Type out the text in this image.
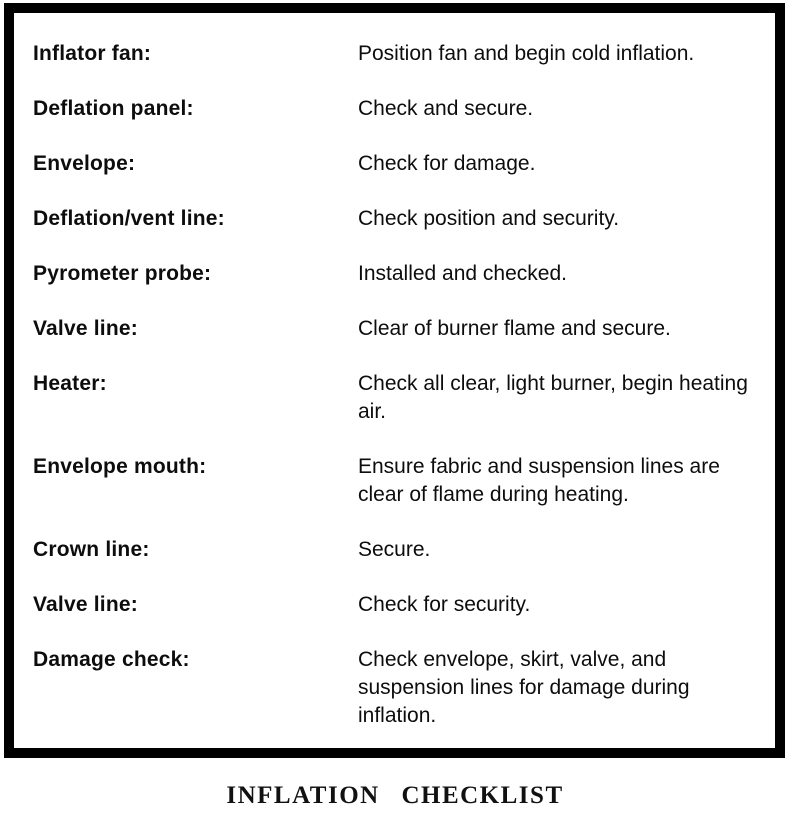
Inflator fan:	Position fan and begin cold inflation.
Deflation panel:	Check and secure.
Envelope:	Check for damage.
Deflation/vent line:	Check position and security.
Pyrometer probe:	Installed and checked.
Valve line:	Clear of burner flame and secure.
Heater:	Check all clear, light burner, begin heating air.
Envelope mouth:	Ensure fabric and suspension lines are clear of flame during heating.
Crown line:	Secure.
Valve line:	Check for security.
Damage check:	Check envelope, skirt, valve, and suspension lines for damage during inflation.
INFLATION CHECKLIST
